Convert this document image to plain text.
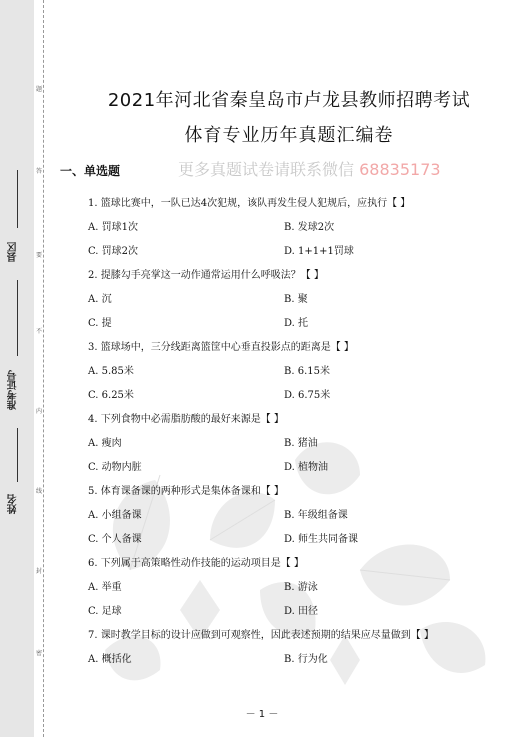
县区
准考证号
姓名
题
答
要
不
内
线
封
密
2021年河北省秦皇岛市卢龙县教师招聘考试
体育专业历年真题汇编卷
一、单选题	更多真题试卷请联系微信 68835173
1. 篮球比赛中，一队已达4次犯规，该队再发生侵人犯规后，应执行【 】
A. 罚球1次	B. 发球2次
C. 罚球2次	D. 1+1+1罚球
2. 提膝勾手亮掌这一动作通常运用什么呼吸法？【 】
A. 沉	B. 聚
C. 提	D. 托
3. 篮球场中，三分线距离篮筐中心垂直投影点的距离是【 】
A. 5.85米	B. 6.15米
C. 6.25米	D. 6.75米
4. 下列食物中必需脂肪酸的最好来源是【 】
A. 瘦肉	B. 猪油
C. 动物内脏	D. 植物油
5. 体育课备课的两种形式是集体备课和【 】
A. 小组备课	B. 年级组备课
C. 个人备课	D. 师生共同备课
6. 下列属于高策略性动作技能的运动项目是【 】
A. 举重	B. 游泳
C. 足球	D. 田径
7. 课时教学目标的设计应做到可观察性，因此表述预期的结果应尽量做到【 】
A. 概括化	B. 行为化
－ 1 －
